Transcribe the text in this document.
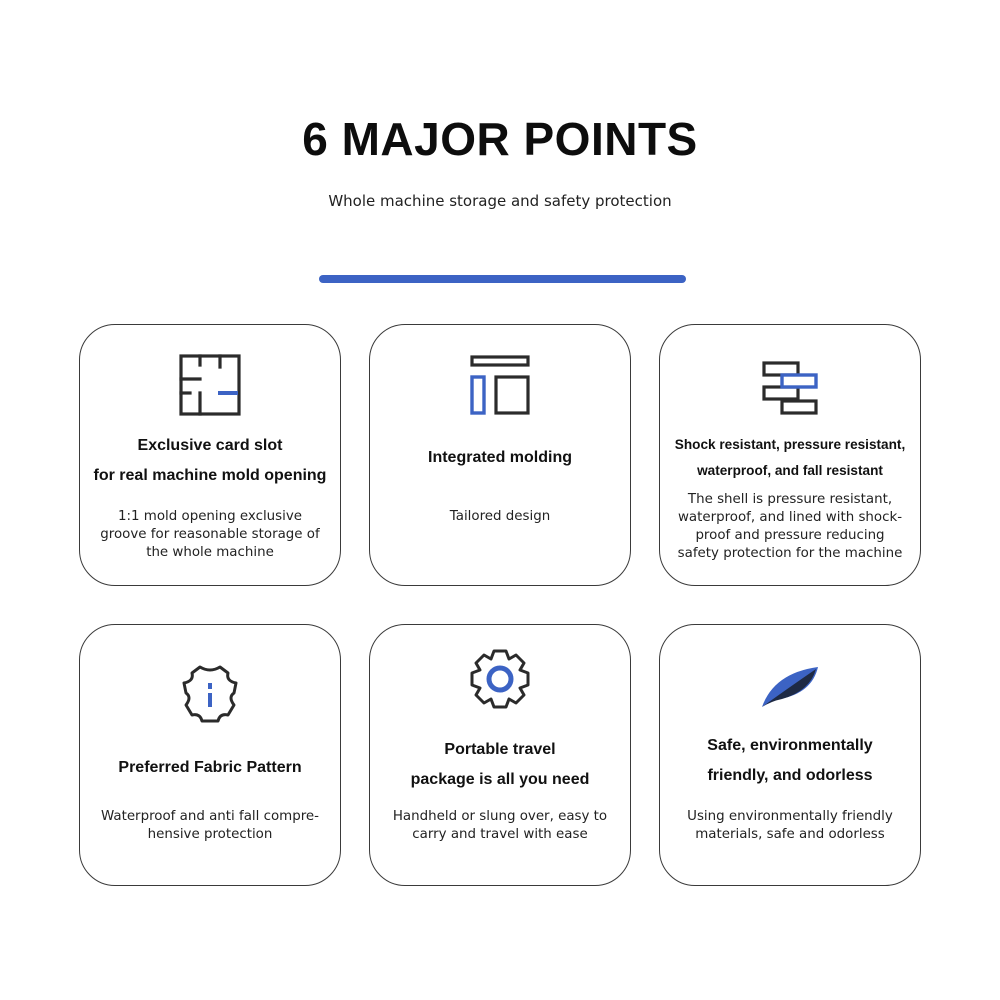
6 MAJOR POINTS
Whole machine storage and safety protection
Exclusive card slot
for real machine mold opening
1:1 mold opening exclusive
groove for reasonable storage of
the whole machine
Integrated molding
Tailored design
Shock resistant, pressure resistant,
waterproof, and fall resistant
The shell is pressure resistant,
waterproof, and lined with shock-
proof and pressure reducing
safety protection for the machine
Preferred Fabric Pattern
Waterproof and anti fall compre-
hensive protection
Portable travel
package is all you need
Handheld or slung over, easy to
carry and travel with ease
Safe, environmentally
friendly, and odorless
Using environmentally friendly
materials, safe and odorless
